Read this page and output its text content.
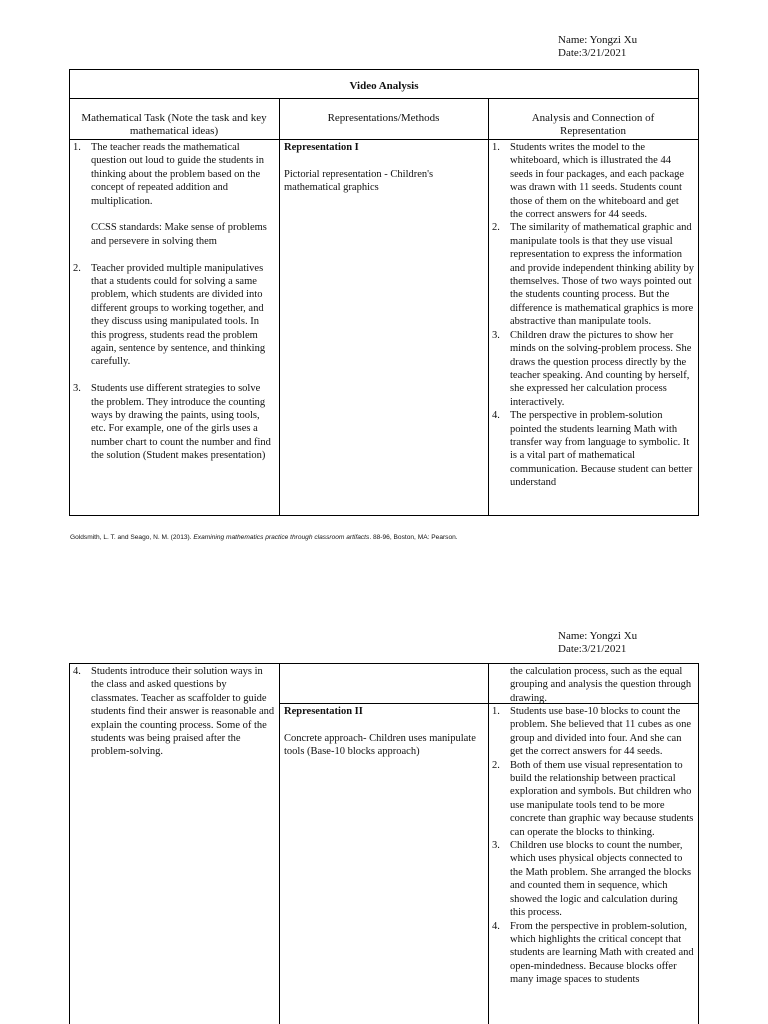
Name: Yongzi Xu
Date:3/21/2021
Video Analysis
Mathematical Task (Note the task and key mathematical ideas)
Representations/Methods	Analysis and Connection of Representation
1. The teacher reads the mathematical question out loud to guide the students in thinking about the problem based on the concept of repeated addition and multiplication.

CCSS standards: Make sense of problems and persevere in solving them

2. Teacher provided multiple manipulatives that a students could for solving a same problem, which students are divided into different groups to working together, and they discuss using manipulated tools. In this progress, students read the problem again, sentence by sentence, and thinking carefully.

3. Students use different strategies to solve the problem. They introduce the counting ways by drawing the paints, using tools, etc. For example, one of the girls uses a number chart to count the number and find the solution (Student makes presentation)

Representation I

Pictorial representation - Children's mathematical graphics

1. Students writes the model to the whiteboard, which is illustrated the 44 seeds in four packages, and each package was drawn with 11 seeds. Students count those of them on the whiteboard and get the correct answers for 44 seeds.

2. The similarity of mathematical graphic and manipulate tools is that they use visual representation to express the information and provide independent thinking ability by themselves. Those of two ways pointed out the students counting process. But the difference is mathematical graphics is more abstractive than manipulate tools.

3. Children draw the pictures to show her minds on the solving-problem process. She draws the question process directly by the teacher speaking. And counting by herself, she expressed her calculation process interactively.

4. The perspective in problem-solution pointed the students learning Math with transfer way from language to symbolic. It is a vital part of mathematical communication. Because student can better understand

Goldsmith, L. T. and Seago, N. M. (2013). Examining mathematics practice through classroom artifacts. 88-96, Boston, MA: Pearson.
Name: Yongzi Xu
Date:3/21/2021
4. Students introduce their solution ways in the class and asked questions by classmates. Teacher as scaffolder to guide students find their answer is reasonable and explain the counting process. Some of the students was being praised after the problem-solving.

the calculation process, such as the equal grouping and analysis the question through drawing.

Representation II

Concrete approach- Children uses manipulate tools (Base-10 blocks approach)

1. Students use base-10 blocks to count the problem. She believed that 11 cubes as one group and divided into four. And she can get the correct answers for 44 seeds.

2. Both of them use visual representation to build the relationship between practical exploration and symbols. But children who use manipulate tools tend to be more concrete than graphic way because students can operate the blocks to thinking.

3. Children use blocks to count the number, which uses physical objects connected to the Math problem. She arranged the blocks and counted them in sequence, which showed the logic and calculation during this process.

4. From the perspective in problem-solution, which highlights the critical concept that students are learning Math with created and open-mindedness. Because blocks offer many image spaces to students
